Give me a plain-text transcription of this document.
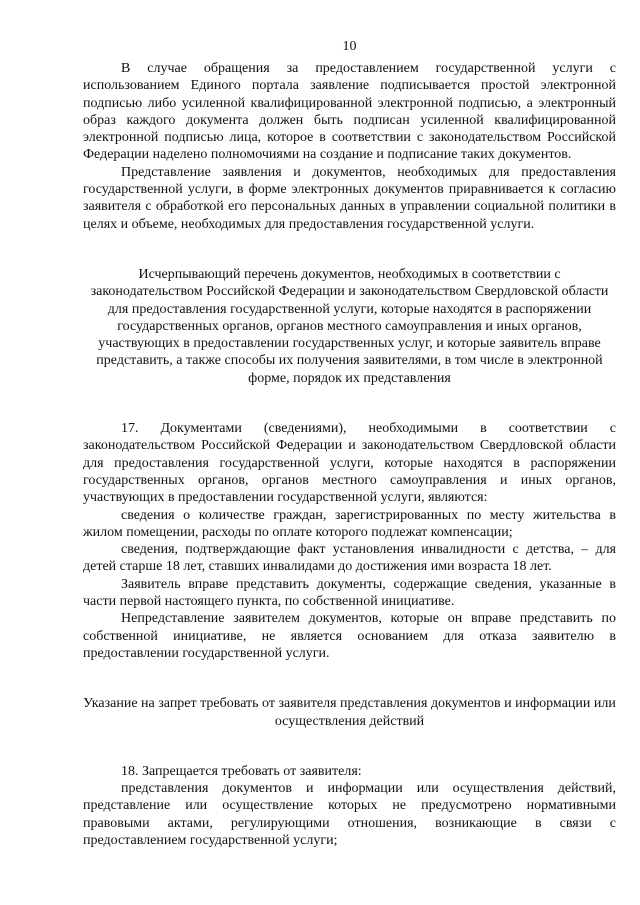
10

В случае обращения за предоставлением государственной услуги с использованием Единого портала заявление подписывается простой электронной подписью либо усиленной квалифицированной электронной подписью, а электронный образ каждого документа должен быть подписан усиленной квалифицированной электронной подписью лица, которое в соответствии с законодательством Российской Федерации наделено полномочиями на создание и подписание таких документов.

Представление заявления и документов, необходимых для предоставления государственной услуги, в форме электронных документов приравнивается к согласию заявителя с обработкой его персональных данных в управлении социальной политики в целях и объеме, необходимых для предоставления государственной услуги.

Исчерпывающий перечень документов, необходимых в соответствии с законодательством Российской Федерации и законодательством Свердловской области для предоставления государственной услуги, которые находятся в распоряжении государственных органов, органов местного самоуправления и иных органов, участвующих в предоставлении государственных услуг, и которые заявитель вправе представить, а также способы их получения заявителями, в том числе в электронной форме, порядок их представления

17. Документами (сведениями), необходимыми в соответствии с законодательством Российской Федерации и законодательством Свердловской области для предоставления государственной услуги, которые находятся в распоряжении государственных органов, органов местного самоуправления и иных органов, участвующих в предоставлении государственной услуги, являются:

сведения о количестве граждан, зарегистрированных по месту жительства в жилом помещении, расходы по оплате которого подлежат компенсации;

сведения, подтверждающие факт установления инвалидности с детства, – для детей старше 18 лет, ставших инвалидами до достижения ими возраста 18 лет.

Заявитель вправе представить документы, содержащие сведения, указанные в части первой настоящего пункта, по собственной инициативе.

Непредставление заявителем документов, которые он вправе представить по собственной инициативе, не является основанием для отказа заявителю в предоставлении государственной услуги.

Указание на запрет требовать от заявителя представления документов и информации или осуществления действий

18. Запрещается требовать от заявителя:

представления документов и информации или осуществления действий, представление или осуществление которых не предусмотрено нормативными правовыми актами, регулирующими отношения, возникающие в связи с предоставлением государственной услуги;
